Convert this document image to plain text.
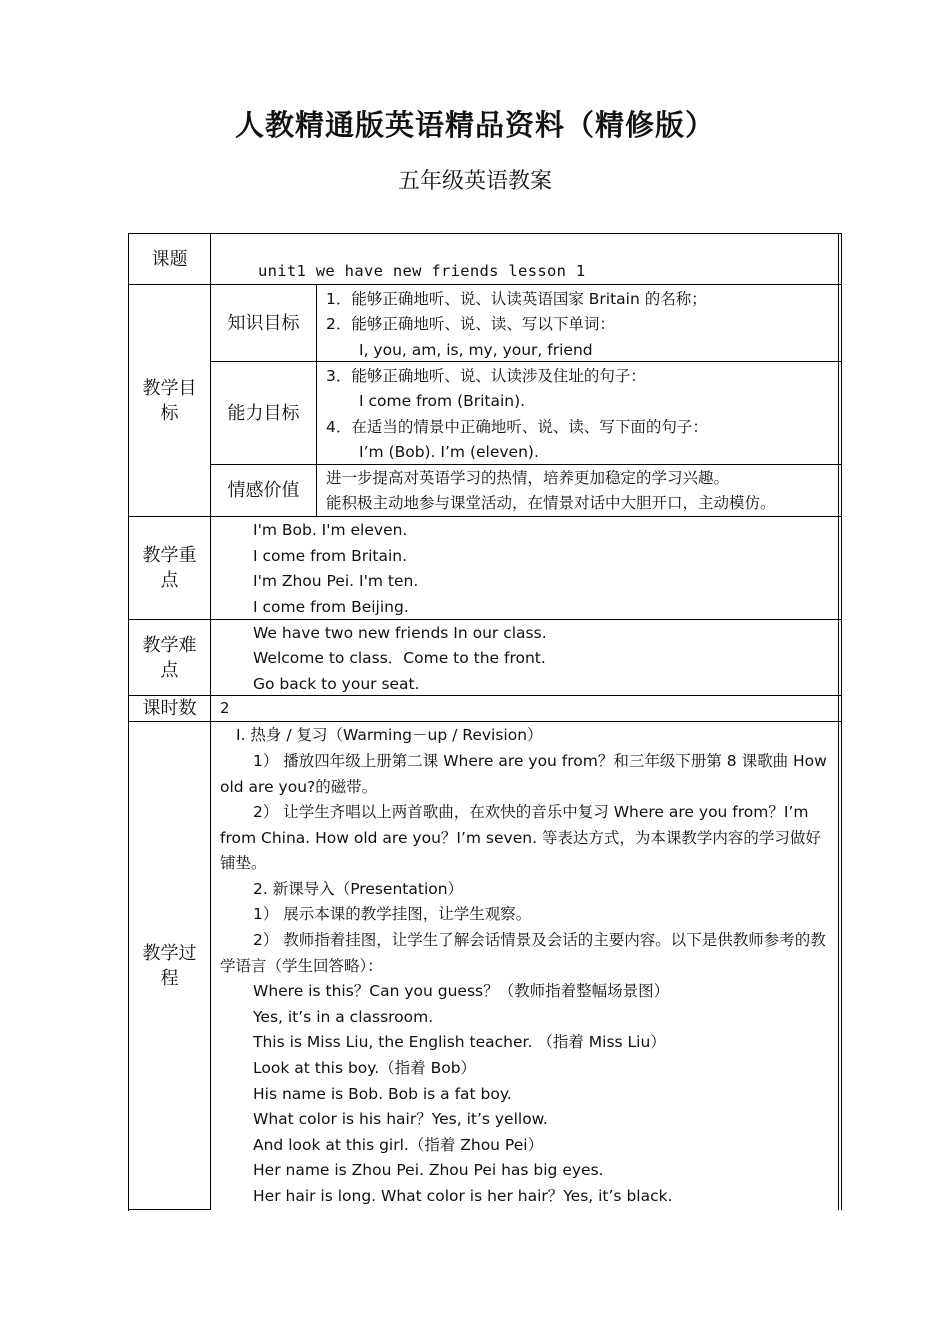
人教精通版英语精品资料（精修版）
五年级英语教案
课题
unit1 we have new friends lesson 1
教学目标
知识目标
1．能够正确地听、说、认读英语国家 Britain 的名称；
2．能够正确地听、说、读、写以下单词：
I, you, am, is, my, your, friend
能力目标
3．能够正确地听、说、认读涉及住址的句子：
I come from (Britain).
4．在适当的情景中正确地听、说、读、写下面的句子：
I’m (Bob). I’m (eleven).
情感价值
进一步提高对英语学习的热情，培养更加稳定的学习兴趣。
能积极主动地参与课堂活动，在情景对话中大胆开口，主动模仿。
教学重点
I'm Bob. I'm eleven.
I come from Britain.
I'm Zhou Pei. I'm ten.
I come from Beijing.
教学难点
We have two new friends In our class.
Welcome to class．Come to the front.
Go back to your seat.
课时数	2
教学过程
I. 热身 / 复习（Warming－up / Revision）
1） 播放四年级上册第二课 Where are you from？和三年级下册第 8 课歌曲 How old are you?的磁带。
2） 让学生齐唱以上两首歌曲，在欢快的音乐中复习 Where are you from？I’m from China. How old are you？I’m seven. 等表达方式，为本课教学内容的学习做好铺垫。
2. 新课导入（Presentation）
1） 展示本课的教学挂图，让学生观察。
2） 教师指着挂图，让学生了解会话情景及会话的主要内容。以下是供教师参考的教学语言（学生回答略）：
Where is this？Can you guess？（教师指着整幅场景图）
Yes, it’s in a classroom.
This is Miss Liu, the English teacher. （指着 Miss Liu）
Look at this boy.（指着 Bob）
His name is Bob. Bob is a fat boy.
What color is his hair？Yes, it’s yellow.
And look at this girl.（指着 Zhou Pei）
Her name is Zhou Pei. Zhou Pei has big eyes.
Her hair is long. What color is her hair？Yes, it’s black.
